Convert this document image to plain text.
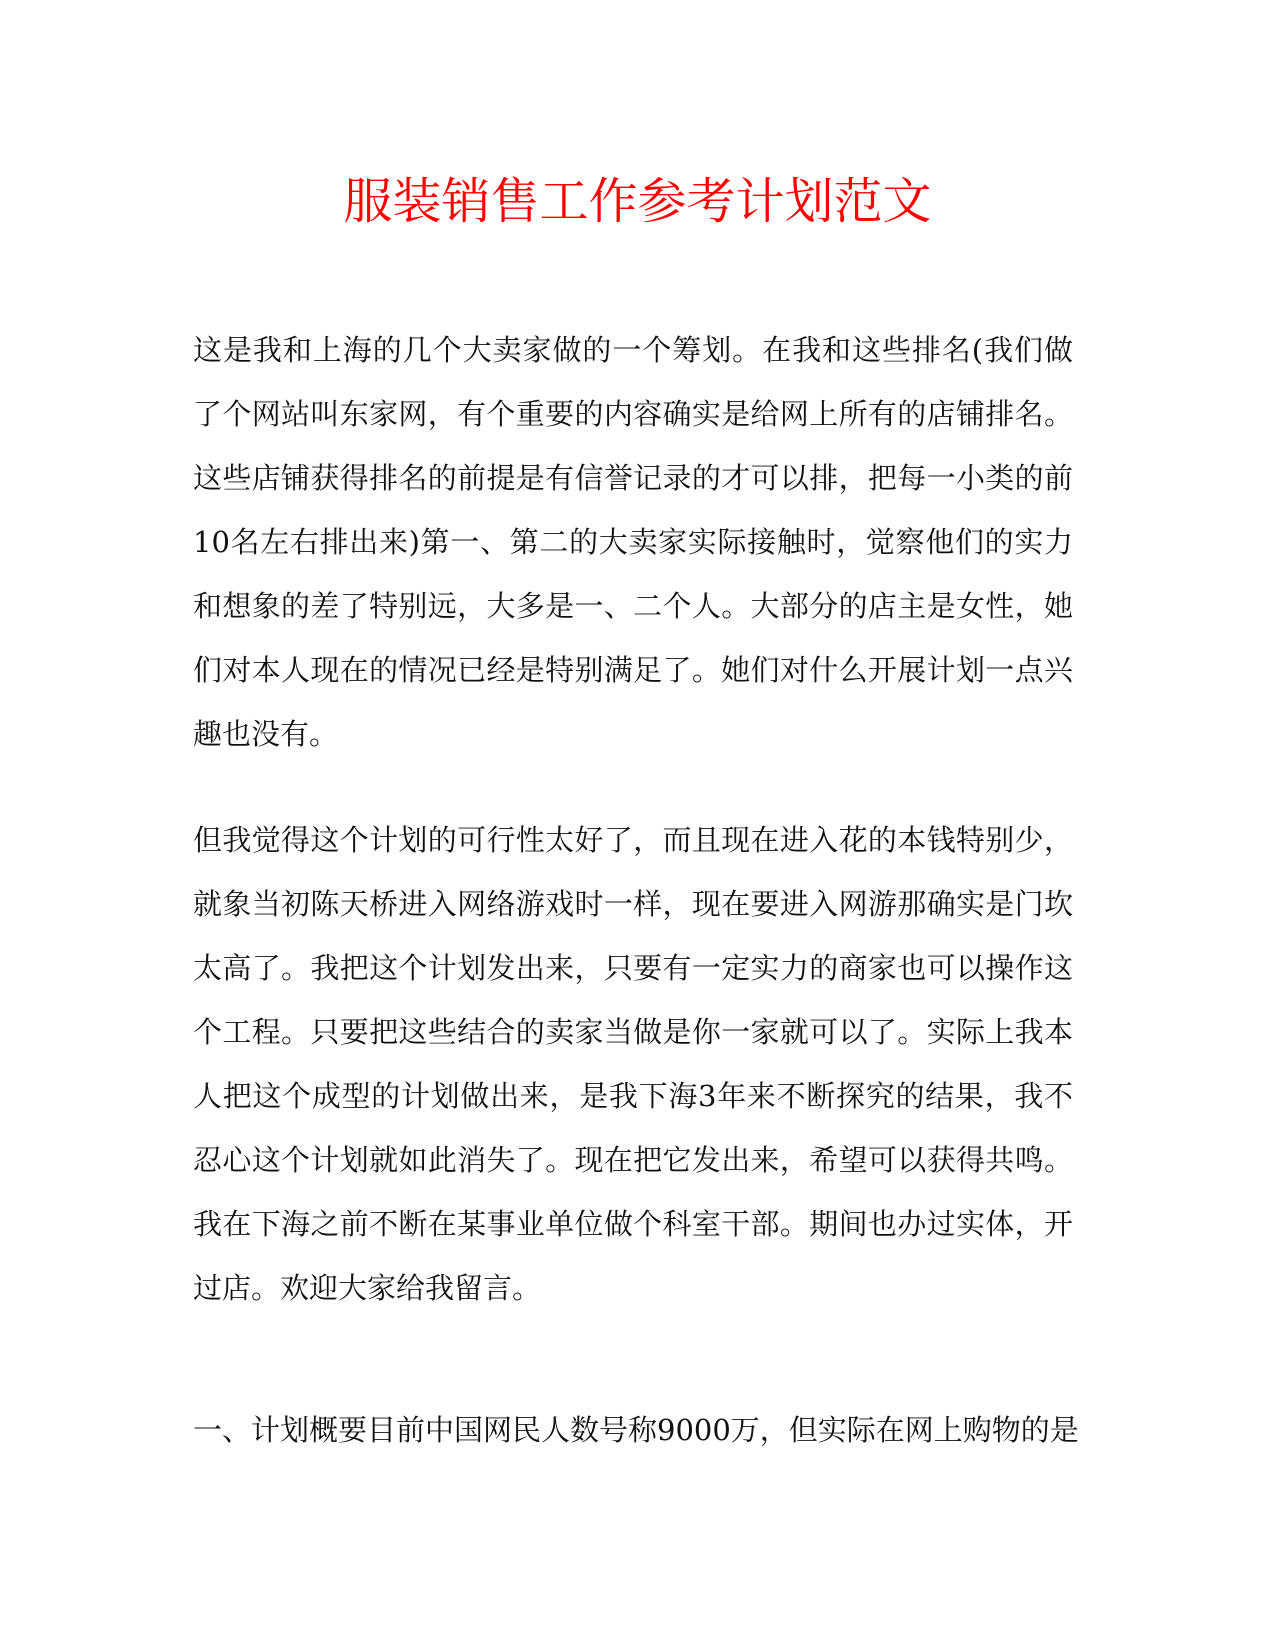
服装销售工作参考计划范文
这是我和上海的几个大卖家做的一个筹划。在我和这些排名(我们做
了个网站叫东家网，有个重要的内容确实是给网上所有的店铺排名。
这些店铺获得排名的前提是有信誉记录的才可以排，把每一小类的前
10名左右排出来)第一、第二的大卖家实际接触时，觉察他们的实力
和想象的差了特别远，大多是一、二个人。大部分的店主是女性，她
们对本人现在的情况已经是特别满足了。她们对什么开展计划一点兴
趣也没有。
但我觉得这个计划的可行性太好了，而且现在进入花的本钱特别少，
就象当初陈天桥进入网络游戏时一样，现在要进入网游那确实是门坎
太高了。我把这个计划发出来，只要有一定实力的商家也可以操作这
个工程。只要把这些结合的卖家当做是你一家就可以了。实际上我本
人把这个成型的计划做出来，是我下海3年来不断探究的结果，我不
忍心这个计划就如此消失了。现在把它发出来，希望可以获得共鸣。
我在下海之前不断在某事业单位做个科室干部。期间也办过实体，开
过店。欢迎大家给我留言。
一、计划概要目前中国网民人数号称9000万，但实际在网上购物的是
